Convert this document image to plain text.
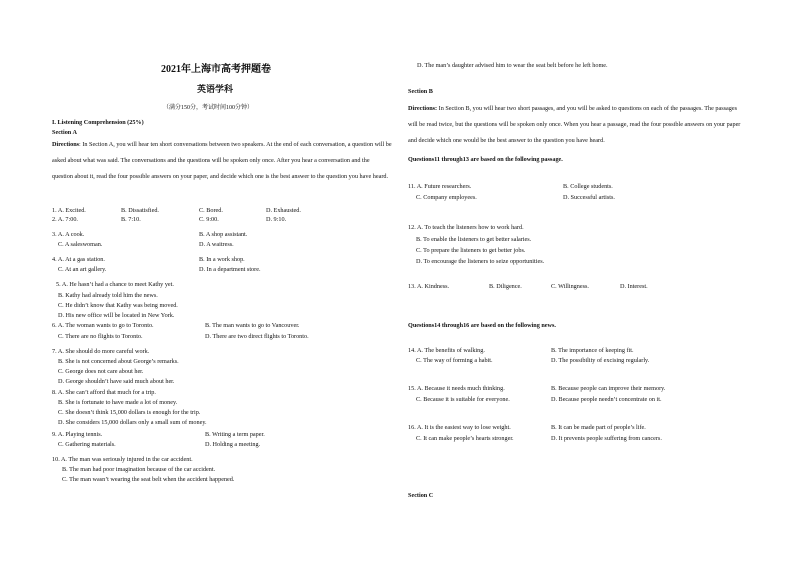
2021年上海市高考押题卷
英语学科
（满分150分，考试时间100分钟）
I. Listening Comprehension (25%)
Section A
Directions: In Section A, you will hear ten short conversations between two speakers. At the end of each conversation, a question will be asked about what was said. The conversations and the questions will be spoken only once. After you hear a conversation and the question about it, read the four possible answers on your paper, and decide which one is the best answer to the question you have heard.
1. A. Excited.	B. Dissatisfied.	C. Bored.	D. Exhausted.
2. A. 7:00.	B. 7:10.	C. 9:00.	D. 9:10.
3. A. A cook.	B. A shop assistant.
C. A saleswoman.	D. A waitress.
4. A. At a gas station.	B. In a work shop.
C. At an art gallery.	D. In a department store.
5. A. He hasn’t had a chance to meet Kathy yet.
B. Kathy had already told him the news.
C. He didn’t know that Kathy was being moved.
D. His new office will be located in New York.
6. A. The woman wants to go to Toronto.	B. The man wants to go to Vancouver.
C. There are no flights to Toronto.	D. There are two direct flights to Toronto.
7. A. She should do more careful work.
B. She is not concerned about George’s remarks.
C. George does not care about her.
D. George shouldn’t have said much about her.
8. A. She can’t afford that much for a trip.
B. She is fortunate to have made a lot of money.
C. She doesn’t think 15,000 dollars is enough for the trip.
D. She considers 15,000 dollars only a small sum of money.
9. A. Playing tennis.	B. Writing a term paper.
C. Gathering materials.	D. Holding a meeting.
10. A. The man was seriously injured in the car accident.
B. The man had poor imagination because of the car accident.
C. The man wasn’t wearing the seat belt when the accident happened.
D. The man’s daughter advised him to wear the seat belt before he left home.
Section B
Directions: In Section B, you will hear two short passages, and you will be asked to questions on each of the passages. The passages will be read twice, but the questions will be spoken only once. When you hear a passage, read the four possible answers on your paper and decide which one would be the best answer to the question you have heard.
Questions11 through13 are based on the following passage.
11. A. Future researchers.	B. College students.
C. Company employees.	D. Successful artists.
12. A. To teach the listeners how to work hard.
B. To enable the listeners to get better salaries.
C. To prepare the listeners to get better jobs.
D. To encourage the listeners to seize opportunities.
13. A. Kindness.	B. Diligence.	C. Willingness.	D. Interest.
Questions14 through16 are based on the following news.
14. A. The benefits of walking.	B. The importance of keeping fit.
C. The way of forming a habit.	D. The possibility of excising regularly.
15. A. Because it needs much thinking.	B. Because people can improve their memory.
C. Because it is suitable for everyone.	D. Because people needn’t concentrate on it.
16. A. It is the easiest way to lose weight.	B. It can be made part of people’s life.
C. It can make people’s hearts stronger.	D. It prevents people suffering from cancers.
Section C
